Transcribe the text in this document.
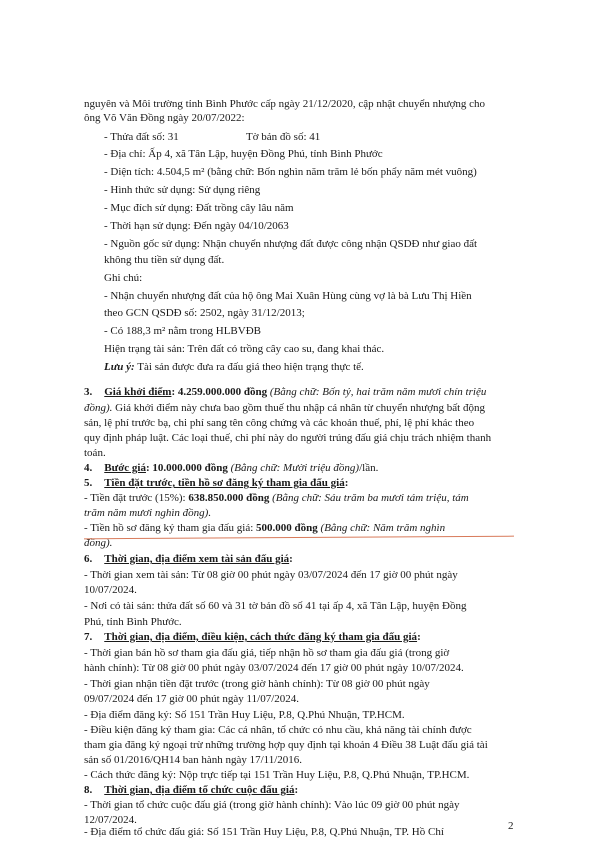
nguyên và Môi trường tỉnh Bình Phước cấp ngày 21/12/2020, cập nhật chuyển nhượng cho
ông Võ Văn Đồng ngày 20/07/2022:
- Thửa đất số: 31	Tờ bản đồ số: 41
- Địa chỉ: Ấp 4, xã Tân Lập, huyện Đồng Phú, tỉnh Bình Phước
- Diện tích: 4.504,5 m² (bằng chữ: Bốn nghìn năm trăm lẻ bốn phẩy năm mét vuông)
- Hình thức sử dụng: Sử dụng riêng
- Mục đích sử dụng: Đất trồng cây lâu năm
- Thời hạn sử dụng: Đến ngày 04/10/2063
- Nguồn gốc sử dụng: Nhận chuyển nhượng đất được công nhận QSDĐ như giao đất
không thu tiền sử dụng đất.
Ghi chú:
- Nhận chuyển nhượng đất của hộ ông Mai Xuân Hùng cùng vợ là bà Lưu Thị Hiền
theo GCN QSDĐ số: 2502, ngày 31/12/2013;
- Có 188,3 m² nằm trong HLBVĐB
Hiện trạng tài sản: Trên đất có trồng cây cao su, đang khai thác.
Lưu ý: Tài sản được đưa ra đấu giá theo hiện trạng thực tế.
3. Giá khởi điểm: 4.259.000.000 đồng (Bằng chữ: Bốn tỷ, hai trăm năm mươi chín triệu
đồng). Giá khởi điểm này chưa bao gồm thuế thu nhập cá nhân từ chuyển nhượng bất động
sản, lệ phí trước bạ, chi phí sang tên công chứng và các khoản thuế, phí, lệ phí khác theo
quy định pháp luật. Các loại thuế, chi phí này do người trúng đấu giá chịu trách nhiệm thanh
toán.
4. Bước giá: 10.000.000 đồng (Bằng chữ: Mười triệu đồng)/lần.
5. Tiền đặt trước, tiền hồ sơ đăng ký tham gia đấu giá:
- Tiền đặt trước (15%): 638.850.000 đồng (Bằng chữ: Sáu trăm ba mươi tám triệu, tám
trăm năm mươi nghìn đồng).
- Tiền hồ sơ đăng ký tham gia đấu giá: 500.000 đồng (Bằng chữ: Năm trăm nghìn
đồng).
6. Thời gian, địa điểm xem tài sản đấu giá:
- Thời gian xem tài sản: Từ 08 giờ 00 phút ngày 03/07/2024 đến 17 giờ 00 phút ngày
10/07/2024.
- Nơi có tài sản: thửa đất số 60 và 31 tờ bản đồ số 41 tại ấp 4, xã Tân Lập, huyện Đồng
Phú, tỉnh Bình Phước.
7. Thời gian, địa điểm, điều kiện, cách thức đăng ký tham gia đấu giá:
- Thời gian bán hồ sơ tham gia đấu giá, tiếp nhận hồ sơ tham gia đấu giá (trong giờ
hành chính): Từ 08 giờ 00 phút ngày 03/07/2024 đến 17 giờ 00 phút ngày 10/07/2024.
- Thời gian nhận tiền đặt trước (trong giờ hành chính): Từ 08 giờ 00 phút ngày
09/07/2024 đến 17 giờ 00 phút ngày 11/07/2024.
- Địa điểm đăng ký: Số 151 Trần Huy Liệu, P.8, Q.Phú Nhuận, TP.HCM.
- Điều kiện đăng ký tham gia: Các cá nhân, tổ chức có nhu cầu, khả năng tài chính được
tham gia đăng ký ngoại trừ những trường hợp quy định tại khoản 4 Điều 38 Luật đấu giá tài
sản số 01/2016/QH14 ban hành ngày 17/11/2016.
- Cách thức đăng ký: Nộp trực tiếp tại 151 Trần Huy Liệu, P.8, Q.Phú Nhuận, TP.HCM.
8. Thời gian, địa điểm tổ chức cuộc đấu giá:
- Thời gian tổ chức cuộc đấu giá (trong giờ hành chính): Vào lúc 09 giờ 00 phút ngày
12/07/2024.
- Địa điểm tổ chức đấu giá: Số 151 Trần Huy Liệu, P.8, Q.Phú Nhuận, TP. Hồ Chí	2
